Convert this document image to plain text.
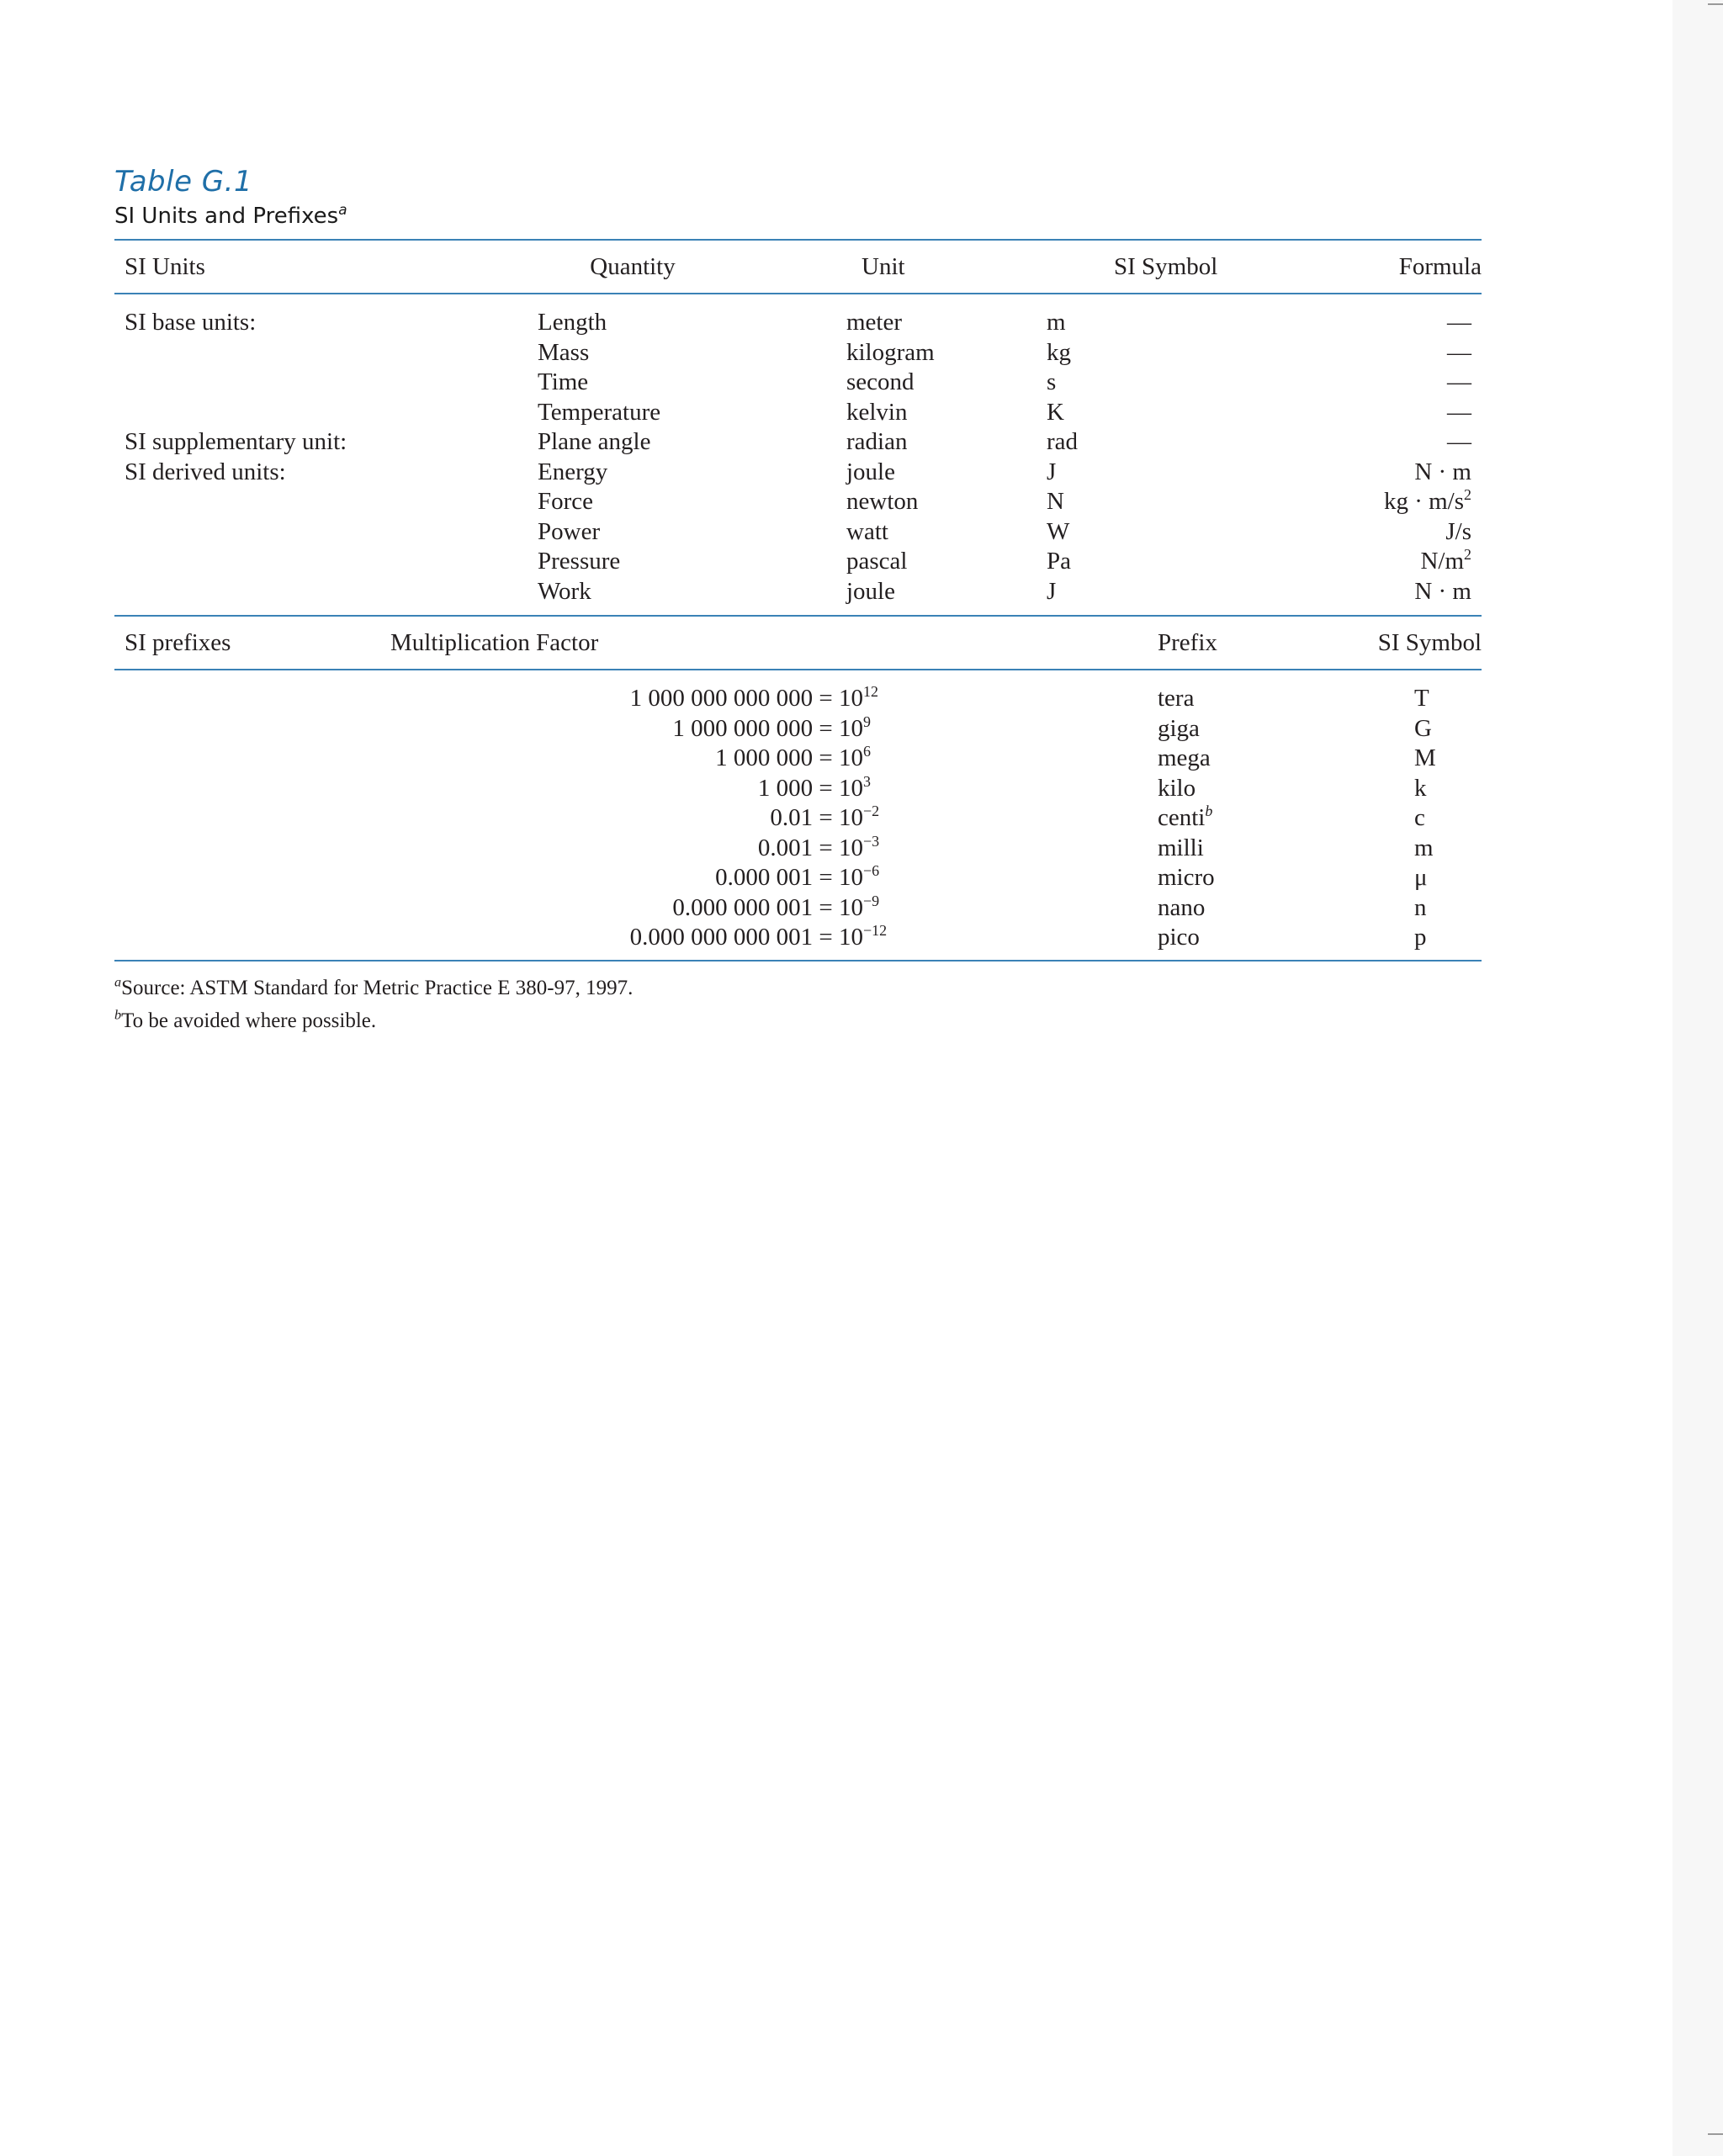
Table G.1
SI Units and Prefixes$^a$
SI Units	Quantity	Unit	SI Symbol	Formula
SI base units:	Length	meter	m	—
	Mass	kilogram	kg	—
	Time	second	s	—
	Temperature	kelvin	K	—
SI supplementary unit:	Plane angle	radian	rad	—
SI derived units:	Energy	joule	J	N · m
	Force	newton	N	kg · $m/s^2$
	Power	watt	W	J/s
	Pressure	pascal	Pa	$N/m^2$
	Work	joule	J	N · m
SI prefixes	Multiplication Factor	Prefix		SI Symbol
	1 000 000 000 $000 = 10^{12}$	tera		T
	1 000 000 $000 = 10^9$	giga		G
	1 000 $000 = 10^6$	mega		M
	1 $000 = 10^3$	kilo		k
	$0.01 = 10^{-2}$	centi$^b$		c
	$0.001 = 10^{-3}$	milli		m
	0.000 $001 = 10^{-6}$	micro		μ
	0.000 000 $001 = 10^{-9}$	nano		n
	0.000 000 000 $001 = 10^{-12}$	pico		p
$^a$Source: ASTM Standard for Metric Practice E 380-97, 1997.
$^b$To be avoided where possible.
